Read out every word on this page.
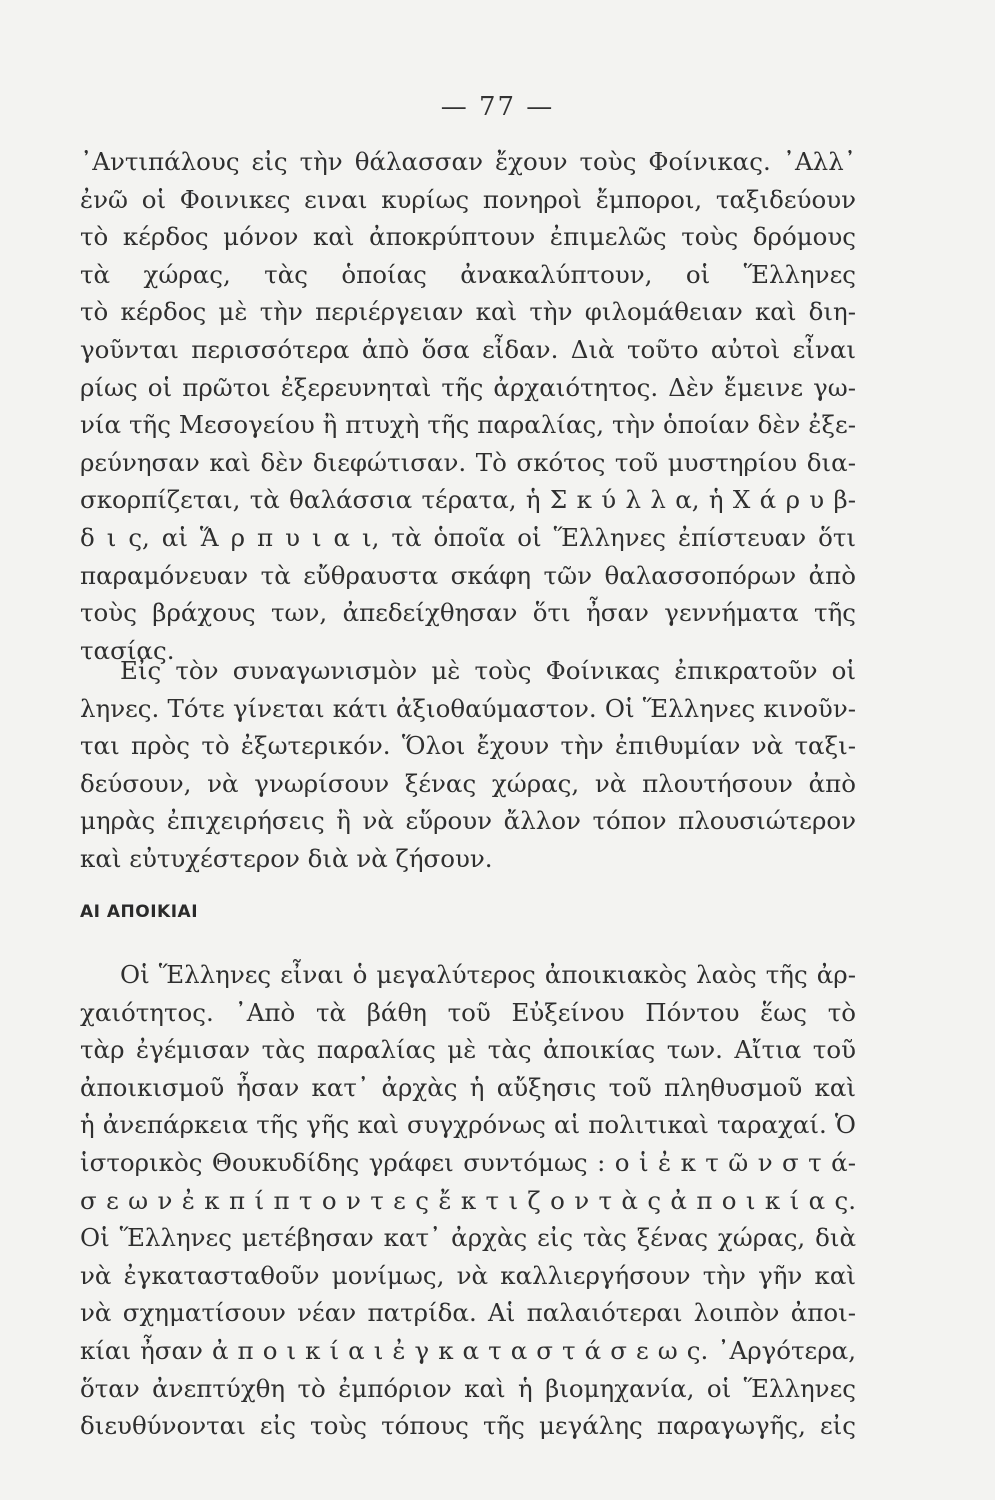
— 77 —
᾿Αντιπάλους εἰς τὴν θάλασσαν ἔχουν τοὺς Φοίνικας. ᾿Αλλ᾿
ἐνῶ οἱ Φοινικες ειναι κυρίως πονηροὶ ἔμποροι, ταξιδεύουν
τὸ κέρδος μόνον καὶ ἀποκρύπτουν ἐπιμελῶς τοὺς δρόμους
τὰ χώρας, τὰς ὁποίας ἀνακαλύπτουν, οἱ Ἕλληνες
τὸ κέρδος μὲ τὴν περιέργειαν καὶ τὴν φιλομάθειαν καὶ διη-
γοῦνται περισσότερα ἀπὸ ὅσα εἶδαν. Διὰ τοῦτο αὐτοὶ εἶναι
ρίως οἱ πρῶτοι ἐξερευνηταὶ τῆς ἀρχαιότητος. Δὲν ἔμεινε γω-
νία τῆς Μεσογείου ἢ πτυχὴ τῆς παραλίας, τὴν ὁποίαν δὲν ἐξε-
ρεύνησαν καὶ δὲν διεφώτισαν. Τὸ σκότος τοῦ μυστηρίου δια-
σκορπίζεται, τὰ θαλάσσια τέρατα, ἡ Σ κ ύ λ λ α, ἡ Χ ά ρ υ β-
δ ι ς, αἱ Ἅ ρ π υ ι α ι, τὰ ὁποῖα οἱ Ἕλληνες ἐπίστευαν ὅτι
παραμόνευαν τὰ εὔθραυστα σκάφη τῶν θαλασσοπόρων ἀπὸ
τοὺς βράχους των, ἀπεδείχθησαν ὅτι ἦσαν γεννήματα τῆς
τασίας.
Εἰς τὸν συναγωνισμὸν μὲ τοὺς Φοίνικας ἐπικρατοῦν οἱ
ληνες. Τότε γίνεται κάτι ἀξιοθαύμαστον. Οἱ Ἕλληνες κινοῦν-
ται πρὸς τὸ ἐξωτερικόν. Ὅλοι ἔχουν τὴν ἐπιθυμίαν νὰ ταξι-
δεύσουν, νὰ γνωρίσουν ξένας χώρας, νὰ πλουτήσουν ἀπὸ
μηρὰς ἐπιχειρήσεις ἢ νὰ εὕρουν ἄλλον τόπον πλουσιώτερον
καὶ εὐτυχέστερον διὰ νὰ ζήσουν.
ΑΙ ΑΠΟΙΚΙΑΙ
Οἱ Ἕλληνες εἶναι ὁ μεγαλύτερος ἀποικιακὸς λαὸς τῆς ἀρ-
χαιότητος. ᾿Απὸ τὰ βάθη τοῦ Εὐξείνου Πόντου ἕως τὸ
τὰρ ἐγέμισαν τὰς παραλίας μὲ τὰς ἀποικίας των. Αἴτια τοῦ
ἀποικισμοῦ ἦσαν κατ᾿ ἀρχὰς ἡ αὔξησις τοῦ πληθυσμοῦ καὶ
ἡ ἀνεπάρκεια τῆς γῆς καὶ συγχρόνως αἱ πολιτικαὶ ταραχαί. Ὁ
ἱστορικὸς Θουκυδίδης γράφει συντόμως : ο ἱ ἐ κ τ ῶ ν σ τ ά-
σ ε ω ν ἐ κ π ί π τ ο ν τ ε ς ἔ κ τ ι ζ ο ν τ ὰ ς ἀ π ο ι κ ί α ς.
Οἱ Ἕλληνες μετέβησαν κατ᾿ ἀρχὰς εἰς τὰς ξένας χώρας, διὰ
νὰ ἐγκατασταθοῦν μονίμως, νὰ καλλιεργήσουν τὴν γῆν καὶ
νὰ σχηματίσουν νέαν πατρίδα. Αἱ παλαιότεραι λοιπὸν ἀποι-
κίαι ἦσαν ἀ π ο ι κ ί α ι ἐ γ κ α τ α σ τ ά σ ε ω ς. ᾿Αργότερα,
ὅταν ἀνεπτύχθη τὸ ἐμπόριον καὶ ἡ βιομηχανία, οἱ Ἕλληνες
διευθύνονται εἰς τοὺς τόπους τῆς μεγάλης παραγωγῆς, εἰς
